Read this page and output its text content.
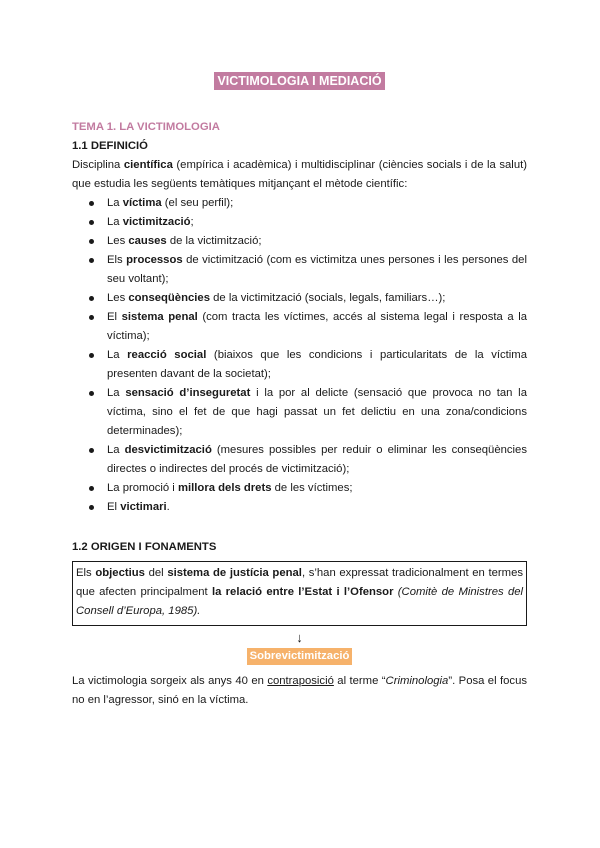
VICTIMOLOGIA I MEDIACIÓ
TEMA 1. LA VICTIMOLOGIA
1.1 DEFINICIÓ

Disciplina científica (empírica i acadèmica) i multidisciplinar (ciències socials i de la salut) que estudia les següents temàtiques mitjançant el mètode científic:

La víctima (el seu perfil);
La victimització;
Les causes de la victimització;
Els processos de victimització (com es victimitza unes persones i les persones del seu voltant);
Les conseqüències de la victimització (socials, legals, familiars…);
El sistema penal (com tracta les víctimes, accés al sistema legal i resposta a la víctima);
La reacció social (biaixos que les condicions i particularitats de la víctima presenten davant de la societat);
La sensació d’inseguretat i la por al delicte (sensació que provoca no tan la víctima, sino el fet de que hagi passat un fet delictiu en una zona/condicions determinades);
La desvictimització (mesures possibles per reduir o eliminar les conseqüències directes o indirectes del procés de victimització);
La promoció i millora dels drets de les víctimes;
El victimari.
1.2 ORIGEN I FONAMENTS
Els objectius del sistema de justícia penal, s’han expressat tradicionalment en termes que afecten principalment la relació entre l’Estat i l’Ofensor (Comitè de Ministres del Consell d’Europa, 1985).
↓
Sobrevictimització

La victimologia sorgeix als anys 40 en contraposició al terme “Criminologia”. Posa el focus no en l’agressor, sinó en la víctima.
